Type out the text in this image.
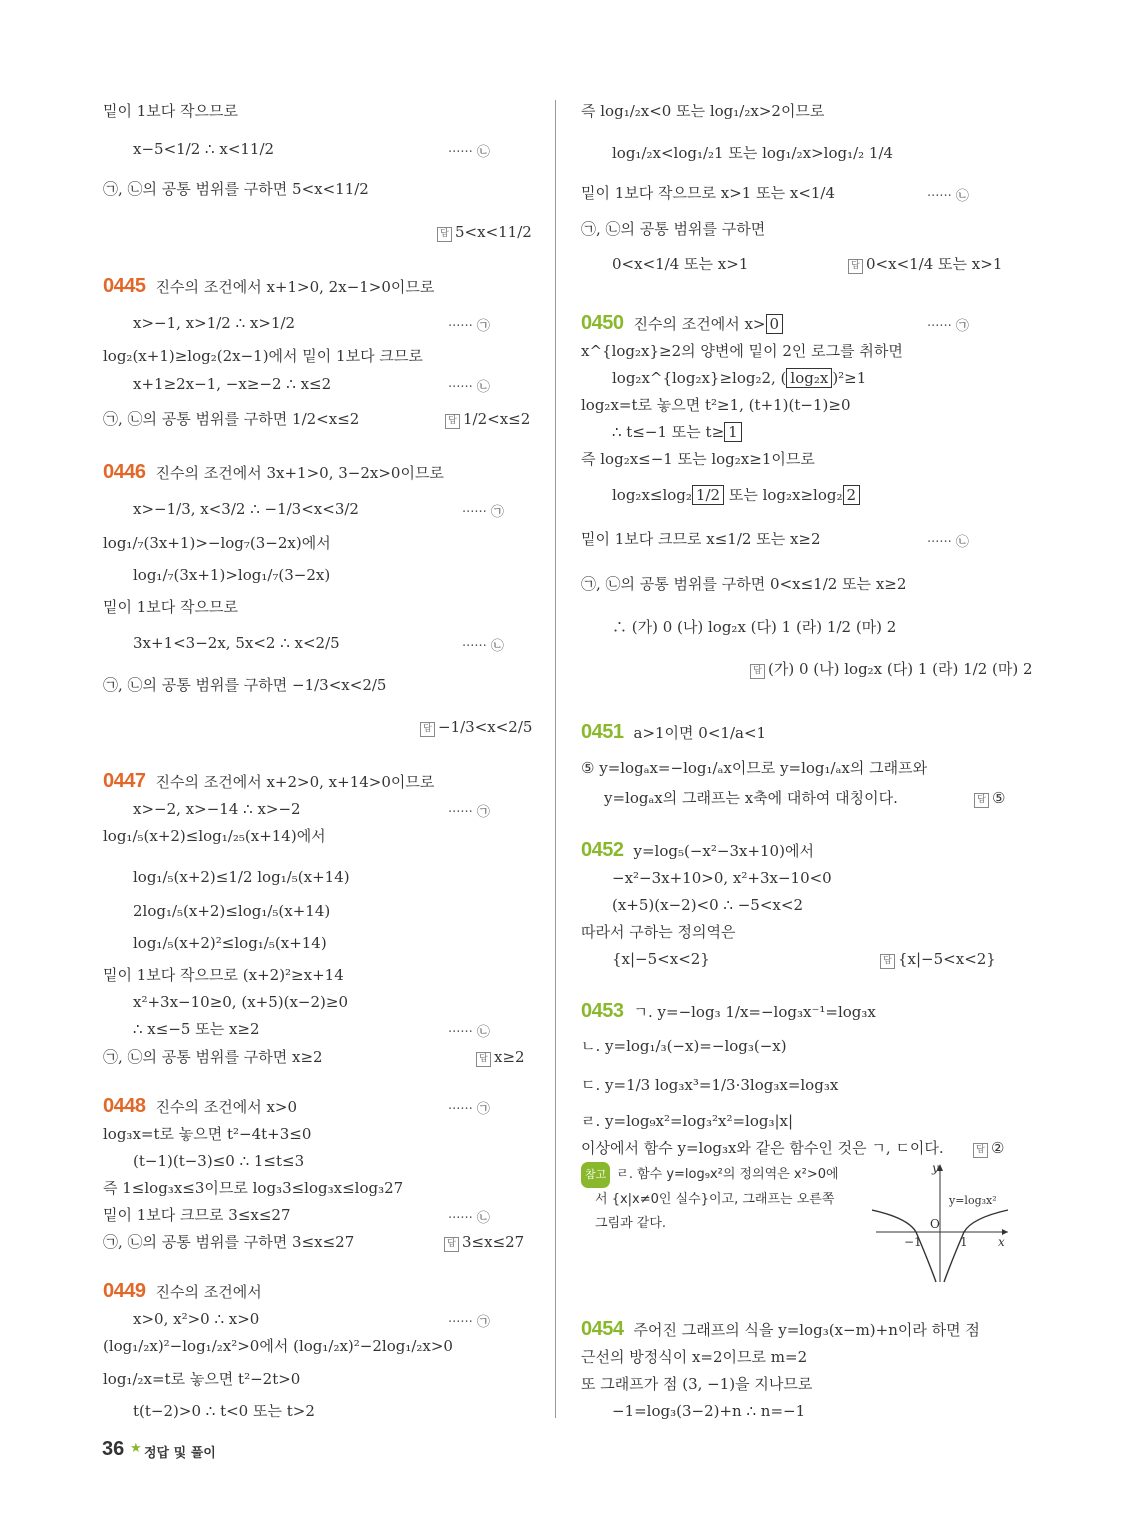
참고 ㄹ. 함수 y=log₉x²의 정의역은 x²>0에
서 {x|x≠0인 실수}이고, 그래프는 오른쪽
그림과 같다.	O
−1	1	x
y
y=log₃x²
36 ★ 정답 및 풀이
밑이 1보다 작으므로
x−5<1/2 ∴ x<11/2
㉠, ㉡의 공통 범위를 구하면 5<x<11/2
x>−1, x>1/2 ∴ x>1/2
log₂(x+1)≥log₂(2x−1)에서 밑이 1보다 크므로
x+1≥2x−1, −x≥−2 ∴ x≤2
㉠, ㉡의 공통 범위를 구하면 1/2<x≤2
x>−1/3, x<3/2 ∴ −1/3<x<3/2
log₁/₇(3x+1)>−log₇(3−2x)에서
log₁/₇(3x+1)>log₁/₇(3−2x)
밑이 1보다 작으므로
3x+1<3−2x, 5x<2 ∴ x<2/5
㉠, ㉡의 공통 범위를 구하면 −1/3<x<2/5
x>−2, x>−14 ∴ x>−2
log₁/₅(x+2)≤log₁/₂₅(x+14)에서
log₁/₅(x+2)≤1/2 log₁/₅(x+14)
2log₁/₅(x+2)≤log₁/₅(x+14)
log₁/₅(x+2)²≤log₁/₅(x+14)
밑이 1보다 작으므로 (x+2)²≥x+14
x²+3x−10≥0, (x+5)(x−2)≥0
∴ x≤−5 또는 x≥2
㉠, ㉡의 공통 범위를 구하면 x≥2
log₃x=t로 놓으면 t²−4t+3≤0
(t−1)(t−3)≤0 ∴ 1≤t≤3
즉 1≤log₃x≤3이므로 log₃3≤log₃x≤log₃27
밑이 1보다 크므로 3≤x≤27
㉠, ㉡의 공통 범위를 구하면 3≤x≤27
x>0, x²>0 ∴ x>0
(log₁/₂x)²−log₁/₂x²>0에서 (log₁/₂x)²−2log₁/₂x>0
log₁/₂x=t로 놓으면 t²−2t>0
t(t−2)>0 ∴ t<0 또는 t>2
즉 log₁/₂x<0 또는 log₁/₂x>2이므로
log₁/₂x<log₁/₂1 또는 log₁/₂x>log₁/₂ 1/4
밑이 1보다 작으므로 x>1 또는 x<1/4
㉠, ㉡의 공통 범위를 구하면
0<x<1/4 또는 x>1
x^{log₂x}≥2의 양변에 밑이 2인 로그를 취하면
log₂x^{log₂x}≥log₂2, ( log₂x )²≥1
log₂x=t로 놓으면 t²≥1, (t+1)(t−1)≥0
∴ t≤−1 또는 t≥ 1
즉 log₂x≤−1 또는 log₂x≥1이므로
log₂x≤log₂ 1/2 또는 log₂x≥log₂ 2
밑이 1보다 크므로 x≤1/2 또는 x≥2
㉠, ㉡의 공통 범위를 구하면 0<x≤1/2 또는 x≥2
∴ (가) 0 (나) log₂x (다) 1 (라) 1/2 (마) 2
⑤ y=logₐx=−log₁/ₐx이므로 y=log₁/ₐx의 그래프와
y=logₐx의 그래프는 x축에 대하여 대칭이다.
−x²−3x+10>0, x²+3x−10<0
(x+5)(x−2)<0 ∴ −5<x<2
따라서 구하는 정의역은
{x|−5<x<2}
ㄴ. y=log₁/₃(−x)=−log₃(−x)
ㄷ. y=1/3 log₃x³=1/3·3log₃x=log₃x
ㄹ. y=log₉x²=log₃²x²=log₃|x|
이상에서 함수 y=log₃x와 같은 함수인 것은 ㄱ, ㄷ이다.
근선의 방정식이 x=2이므로 m=2
또 그래프가 점 (3, −1)을 지나므로
−1=log₃(3−2)+n ∴ n=−1
0445 진수의 조건에서 x+1>0, 2x−1>0이므로
0446 진수의 조건에서 3x+1>0, 3−2x>0이므로
0447 진수의 조건에서 x+2>0, x+14>0이므로
0448 진수의 조건에서 x>0
0449 진수의 조건에서
0450 진수의 조건에서 x> 0
0451 a>1이면 0<1/a<1
0452 y=log₅(−x²−3x+10)에서
0453 ㄱ. y=−log₃ 1/x=−log₃x⁻¹=log₃x
0454 주어진 그래프의 식을 y=log₃(x−m)+n이라 하면 점
······ ㉡
······ ㉠
······ ㉡
······ ㉠
······ ㉡
······ ㉠
······ ㉡
······ ㉠
······ ㉡
······ ㉠
······ ㉡
······ ㉠
······ ㉡
답 5<x<11/2
답 1/2<x≤2
답 −1/3<x<2/5
답 x≥2
답 3≤x≤27
답 0<x<1/4 또는 x>1
답 (가) 0 (나) log₂x (다) 1 (라) 1/2 (마) 2
답 ⑤
답 {x|−5<x<2}
답 ②
